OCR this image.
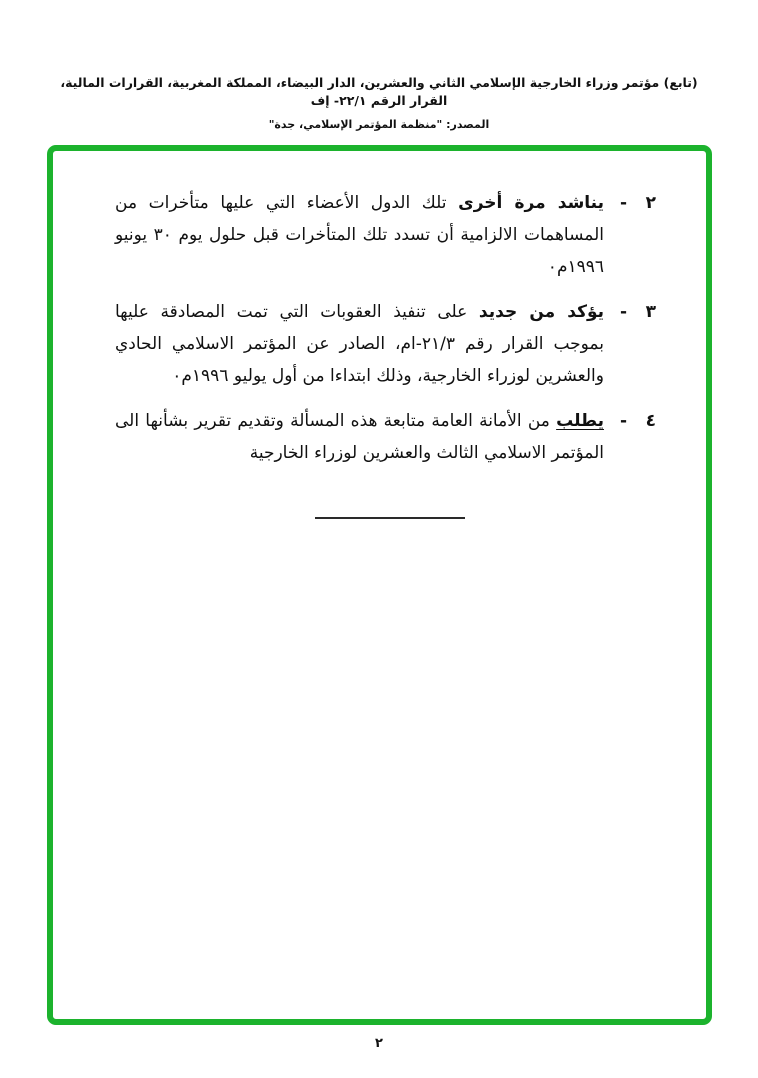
(تابع) مؤتمر وزراء الخارجية الإسلامي الثاني والعشرين، الدار البيضاء، المملكة المغربية، القرارات المالية، القرار الرقم ٢٢/١- إف
المصدر: "منظمة المؤتمر الإسلامي، جدة"
٢
-

يناشد مرة أخرى تلك الدول الأعضاء التي عليها متأخرات من المساهمات الالزامية أن تسدد تلك المتأخرات قبل حلول يوم ٣٠ يونيو ١٩٩٦م٠

٣
-

يؤكد من جديد على تنفيذ العقوبات التي تمت المصادقة عليها بموجب القرار رقم ٢١/٣-ام، الصادر عن المؤتمر الاسلامي الحادي والعشرين لوزراء الخارجية، وذلك ابتداءا من أول يوليو ١٩٩٦م٠

٤
-

يطلب من الأمانة العامة متابعة هذه المسألة وتقديم تقرير بشأنها الى المؤتمر الاسلامي الثالث والعشرين لوزراء الخارجية

٢
